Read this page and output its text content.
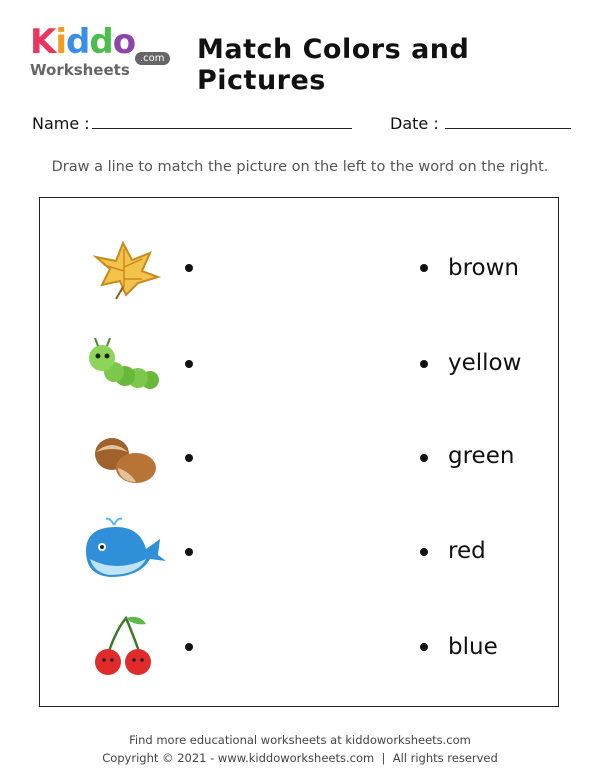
Kiddo
Worksheets
.com Match Colors and Pictures
Name :	Date :
Draw a line to match the picture on the left to the word on the right.
brown
yellow
green
red
blue
Find more educational worksheets at kiddoworksheets.com
Copyright © 2021 - www.kiddoworksheets.com  |  All rights reserved
